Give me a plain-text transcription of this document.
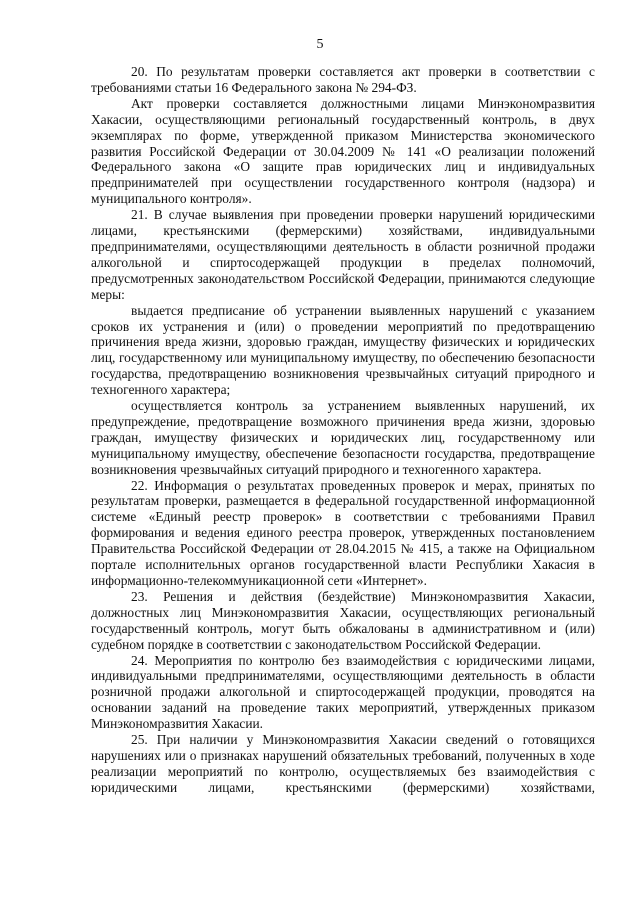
5

20. По результатам проверки составляется акт проверки в соответствии с требованиями статьи 16 Федерального закона № 294-ФЗ.

Акт проверки составляется должностными лицами Минэкономразвития Хакасии, осуществляющими региональный государственный контроль, в двух экземплярах по форме, утвержденной приказом Министерства экономического развития Российской Федерации от 30.04.2009 № 141 «О реализации положений Федерального закона «О защите прав юридических лиц и индивидуальных предпринимателей при осуществлении государственного контроля (надзора) и муниципального контроля».

21. В случае выявления при проведении проверки нарушений юридическими лицами, крестьянскими (фермерскими) хозяйствами, индивидуальными предпринимателями, осуществляющими деятельность в области розничной продажи алкогольной и спиртосодержащей продукции в пределах полномочий, предусмотренных законодательством Российской Федерации, принимаются следующие меры:

выдается предписание об устранении выявленных нарушений с указанием сроков их устранения и (или) о проведении мероприятий по предотвращению причинения вреда жизни, здоровью граждан, имуществу физических и юридических лиц, государственному или муниципальному имуществу, по обеспечению безопасности государства, предотвращению возникновения чрезвычайных ситуаций природного и техногенного характера;

осуществляется контроль за устранением выявленных нарушений, их предупреждение, предотвращение возможного причинения вреда жизни, здоровью граждан, имуществу физических и юридических лиц, государственному или муниципальному имуществу, обеспечение безопасности государства, предотвращение возникновения чрезвычайных ситуаций природного и техногенного характера.

22. Информация о результатах проведенных проверок и мерах, принятых по результатам проверки, размещается в федеральной государственной информационной системе «Единый реестр проверок» в соответствии с требованиями Правил формирования и ведения единого реестра проверок, утвержденных постановлением Правительства Российской Федерации от 28.04.2015 № 415, а также на Официальном портале исполнительных органов государственной власти Республики Хакасия в информационно-телекоммуникационной сети «Интернет».

23. Решения и действия (бездействие) Минэкономразвития Хакасии, должностных лиц Минэкономразвития Хакасии, осуществляющих региональный государственный контроль, могут быть обжалованы в административном и (или) судебном порядке в соответствии с законодательством Российской Федерации.

24. Мероприятия по контролю без взаимодействия с юридическими лицами, индивидуальными предпринимателями, осуществляющими деятельность в области розничной продажи алкогольной и спиртосодержащей продукции, проводятся на основании заданий на проведение таких мероприятий, утвержденных приказом Минэкономразвития Хакасии.

25. При наличии у Минэкономразвития Хакасии сведений о готовящихся нарушениях или о признаках нарушений обязательных требований, полученных в ходе реализации мероприятий по контролю, осуществляемых без взаимодействия с юридическими лицами, крестьянскими (фермерскими) хозяйствами,
